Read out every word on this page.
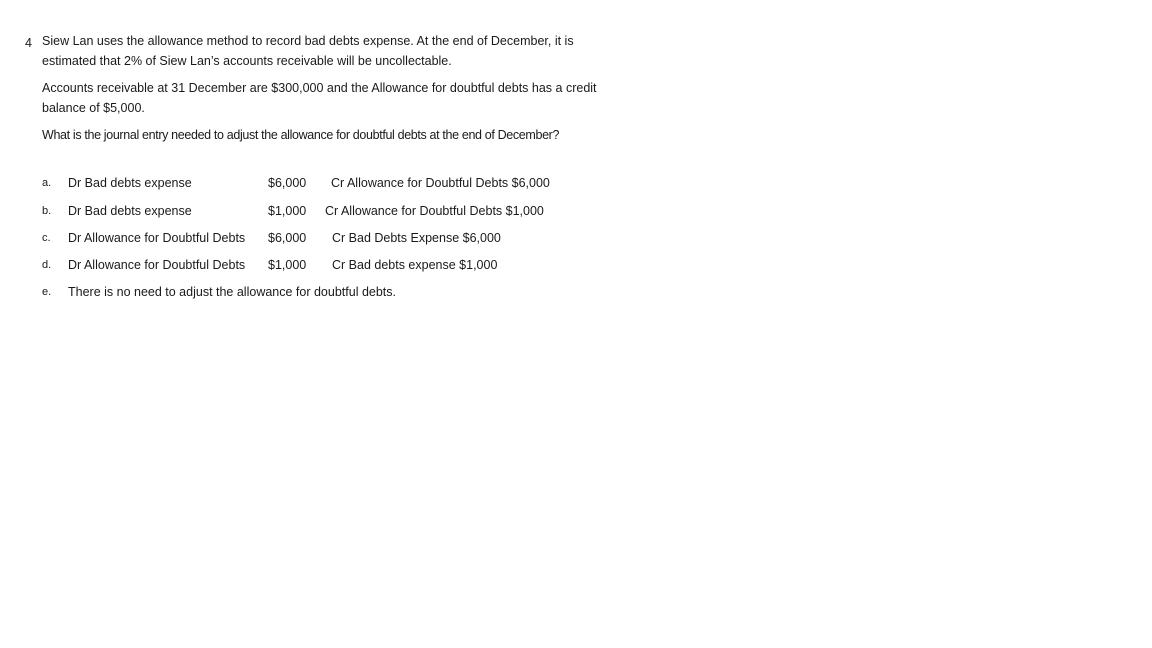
4 Siew Lan uses the allowance method to record bad debts expense. At the end of December, it is estimated that 2% of Siew Lan’s accounts receivable will be uncollectable.
Accounts receivable at 31 December are $300,000 and the Allowance for doubtful debts has a credit balance of $5,000.
What is the journal entry needed to adjust the allowance for doubtful debts at the end of December?
a. Dr Bad debts expense	$6,000 Cr Allowance for Doubtful Debts $6,000
b. Dr Bad debts expense	$1,000 Cr Allowance for Doubtful Debts $1,000
c. Dr Allowance for Doubtful Debts $6,000 Cr Bad Debts Expense $6,000
d. Dr Allowance for Doubtful Debts $1,000 Cr Bad debts expense $1,000
e. There is no need to adjust the allowance for doubtful debts.
